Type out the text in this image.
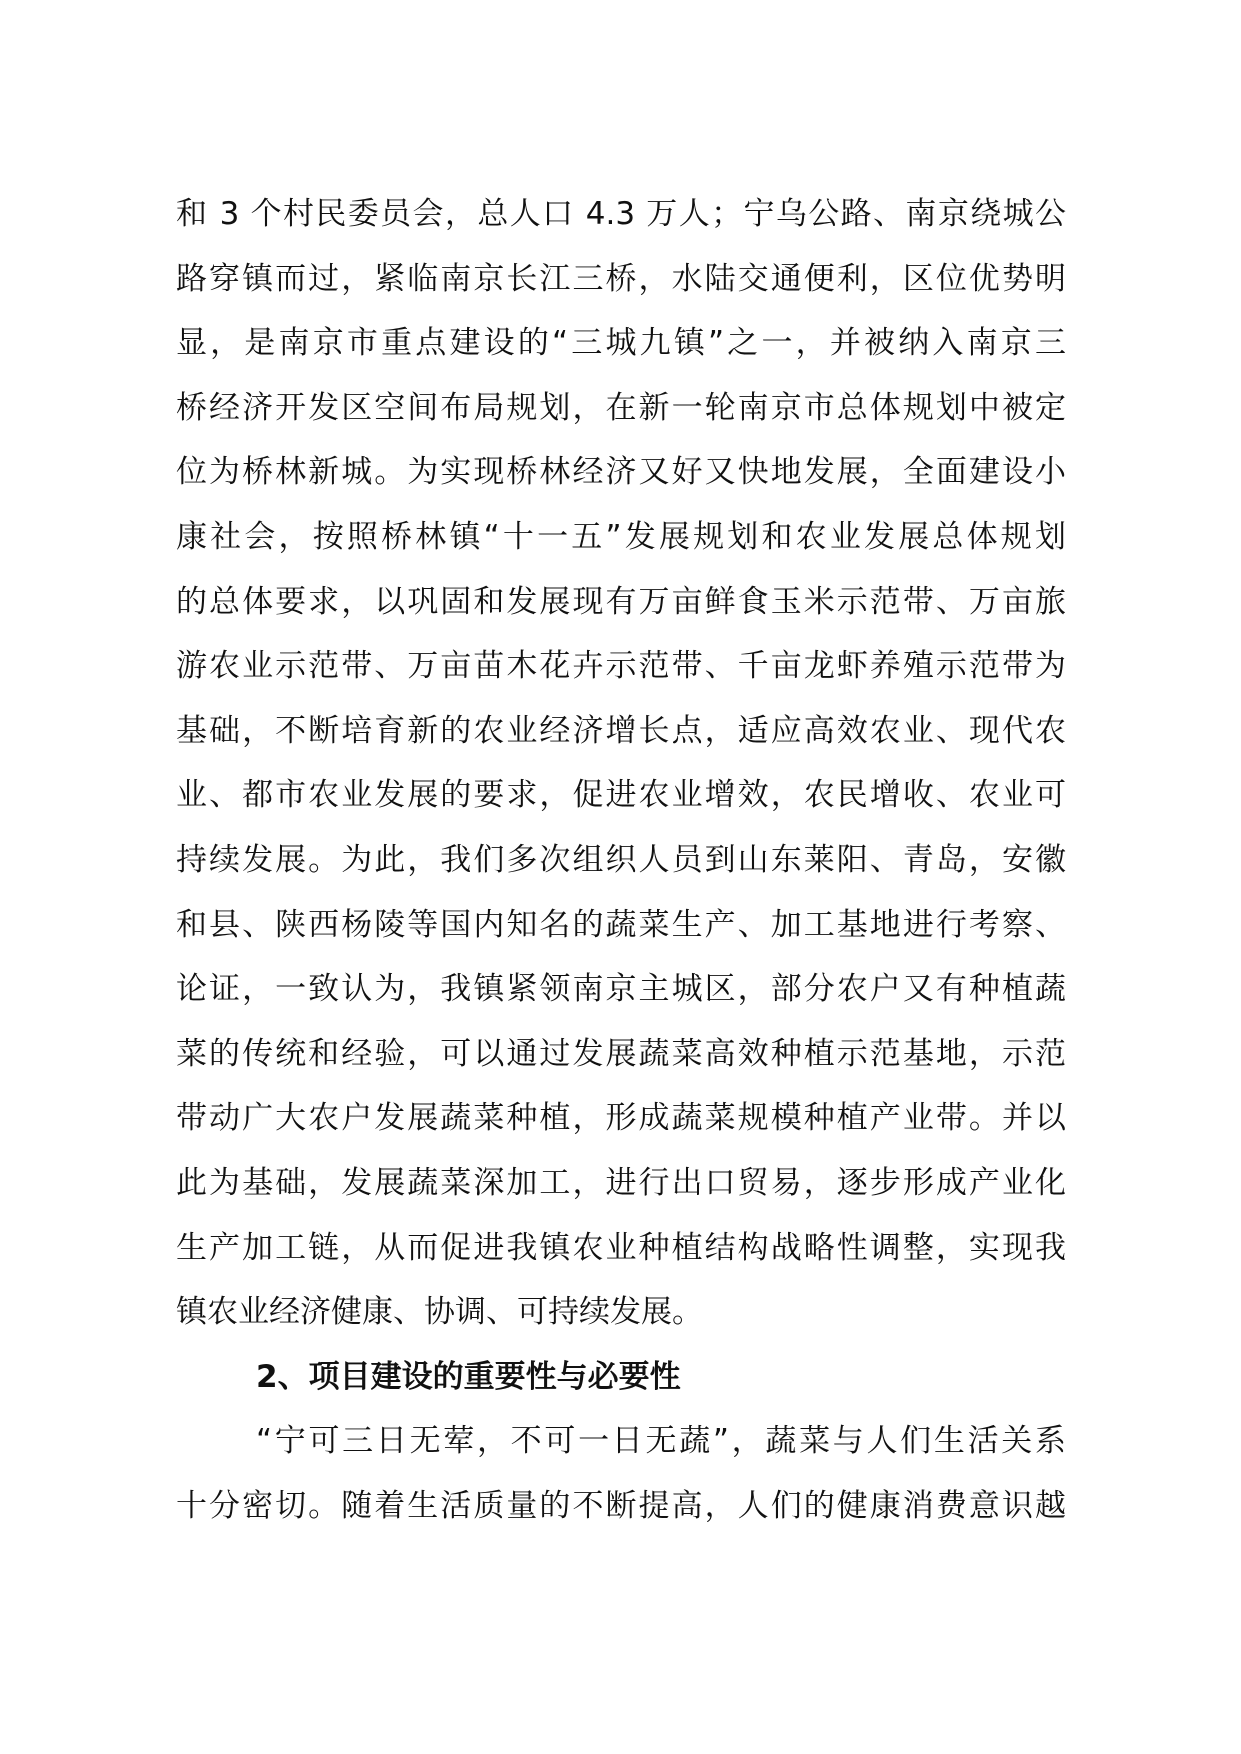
和 3 个村民委员会，总人口 4.3 万人；宁乌公路、南京绕城公
路穿镇而过，紧临南京长江三桥，水陆交通便利，区位优势明
显，是南京市重点建设的“三城九镇”之一，并被纳入南京三
桥经济开发区空间布局规划，在新一轮南京市总体规划中被定
位为桥林新城。为实现桥林经济又好又快地发展，全面建设小
康社会，按照桥林镇“十一五”发展规划和农业发展总体规划
的总体要求，以巩固和发展现有万亩鲜食玉米示范带、万亩旅
游农业示范带、万亩苗木花卉示范带、千亩龙虾养殖示范带为
基础，不断培育新的农业经济增长点，适应高效农业、现代农
业、都市农业发展的要求，促进农业增效，农民增收、农业可
持续发展。为此，我们多次组织人员到山东莱阳、青岛，安徽
和县、陕西杨陵等国内知名的蔬菜生产、加工基地进行考察、
论证，一致认为，我镇紧领南京主城区，部分农户又有种植蔬
菜的传统和经验，可以通过发展蔬菜高效种植示范基地，示范
带动广大农户发展蔬菜种植，形成蔬菜规模种植产业带。并以
此为基础，发展蔬菜深加工，进行出口贸易，逐步形成产业化
生产加工链，从而促进我镇农业种植结构战略性调整，实现我
镇农业经济健康、协调、可持续发展。
2、项目建设的重要性与必要性
“宁可三日无荤，不可一日无蔬”，蔬菜与人们生活关系
十分密切。随着生活质量的不断提高，人们的健康消费意识越
